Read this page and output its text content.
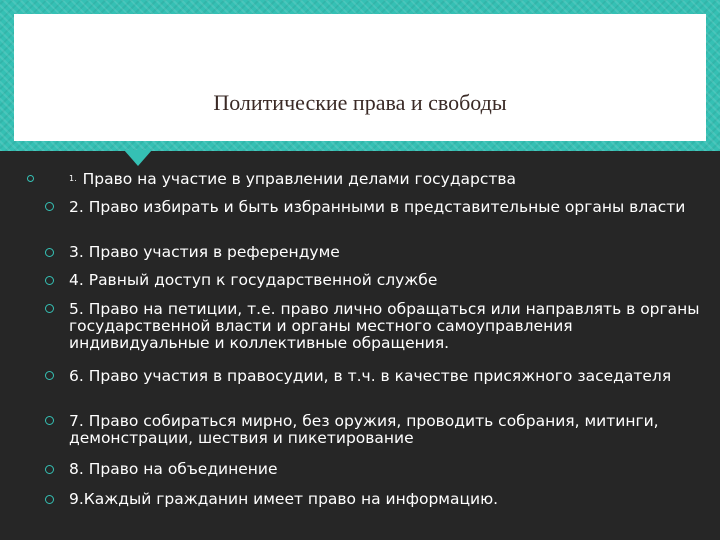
Политические права и свободы
1. Право на участие в управлении делами государства
2. Право избирать и быть избранными в представительные органы власти
3. Право участия в референдуме
4. Равный доступ к государственной службе
5. Право на петиции, т.е. право лично обращаться или направлять в органы государственной власти и органы местного самоуправления индивидуальные и коллективные обращения.
6. Право участия в правосудии, в т.ч. в качестве присяжного заседателя
7. Право собираться мирно, без оружия, проводить собрания, митинги, демонстрации, шествия и пикетирование
8. Право на объединение
9.Каждый гражданин имеет право на информацию.
